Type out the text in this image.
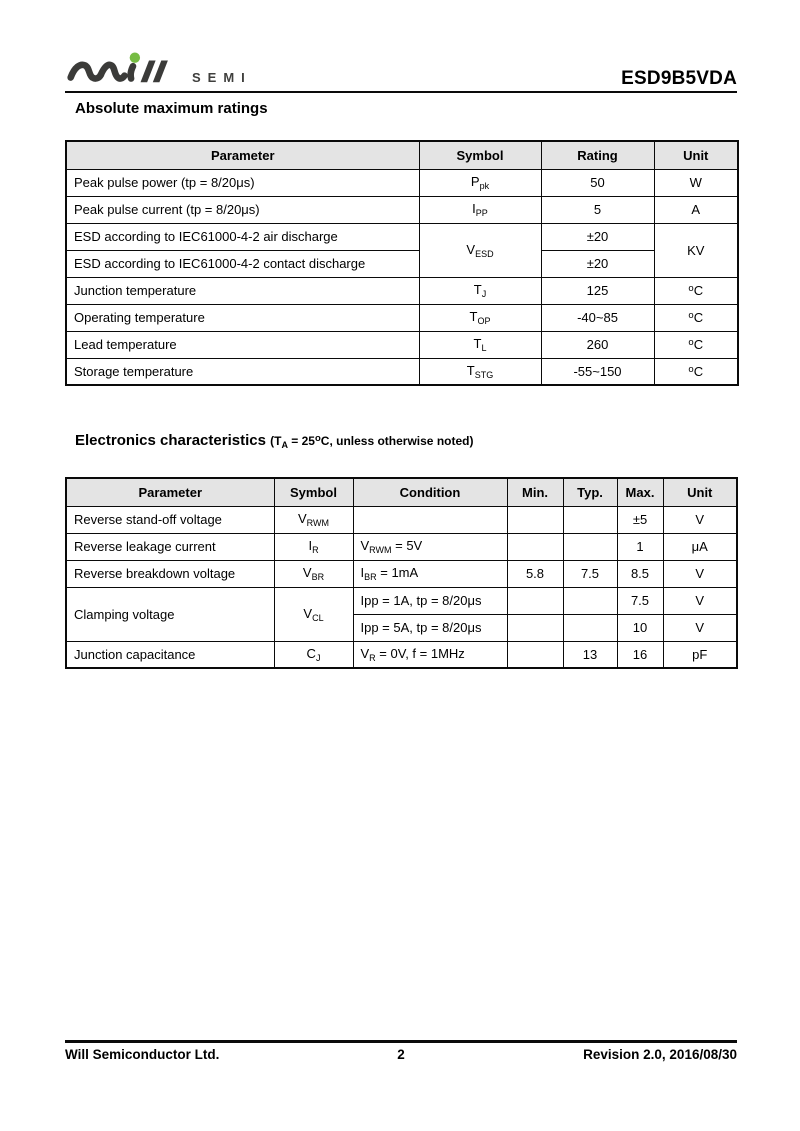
SEMI	ESD9B5VDA
Absolute maximum ratings
Parameter	Symbol	Rating	Unit
Peak pulse power (tp = 8/20μs)	$P_{pk}$	50	W
Peak pulse current (tp = 8/20μs)	$I_{PP}$	5	A
ESD according to IEC61000-4-2 air discharge	$V_{ESD}$	±20	KV
ESD according to IEC61000-4-2 contact discharge		±20	
Junction temperature	$T_J$	125	$^o$C
Operating temperature	$T_{OP}$	-40~85	$^o$C
Lead temperature	$T_L$	260	$^o$C
Storage temperature	$T_{STG}$	-55~150	$^o$C
Electronics characteristics ($T_A = 25^oC$, unless otherwise noted)
Parameter	Symbol	Condition	Min.	Typ.	Max.	Unit
Reverse stand-off voltage	$V_{RWM}$				±5	V
Reverse leakage current	$I_R$	$V_{RWM} = 5V$			1	μA
Reverse breakdown voltage	$V_{BR}$	$I_{BR} = 1mA$	5.8	7.5	8.5	V
Clamping voltage	$V_{CL}$	Ipp = 1A, tp = 8/20μs			7.5	V
		Ipp = 5A, tp = 8/20μs			10	V
Junction capacitance	$C_J$	$V_R = 0V$, f = 1MHz		13	16	pF
Will Semiconductor Ltd.	2	Revision 2.0, 2016/08/30
